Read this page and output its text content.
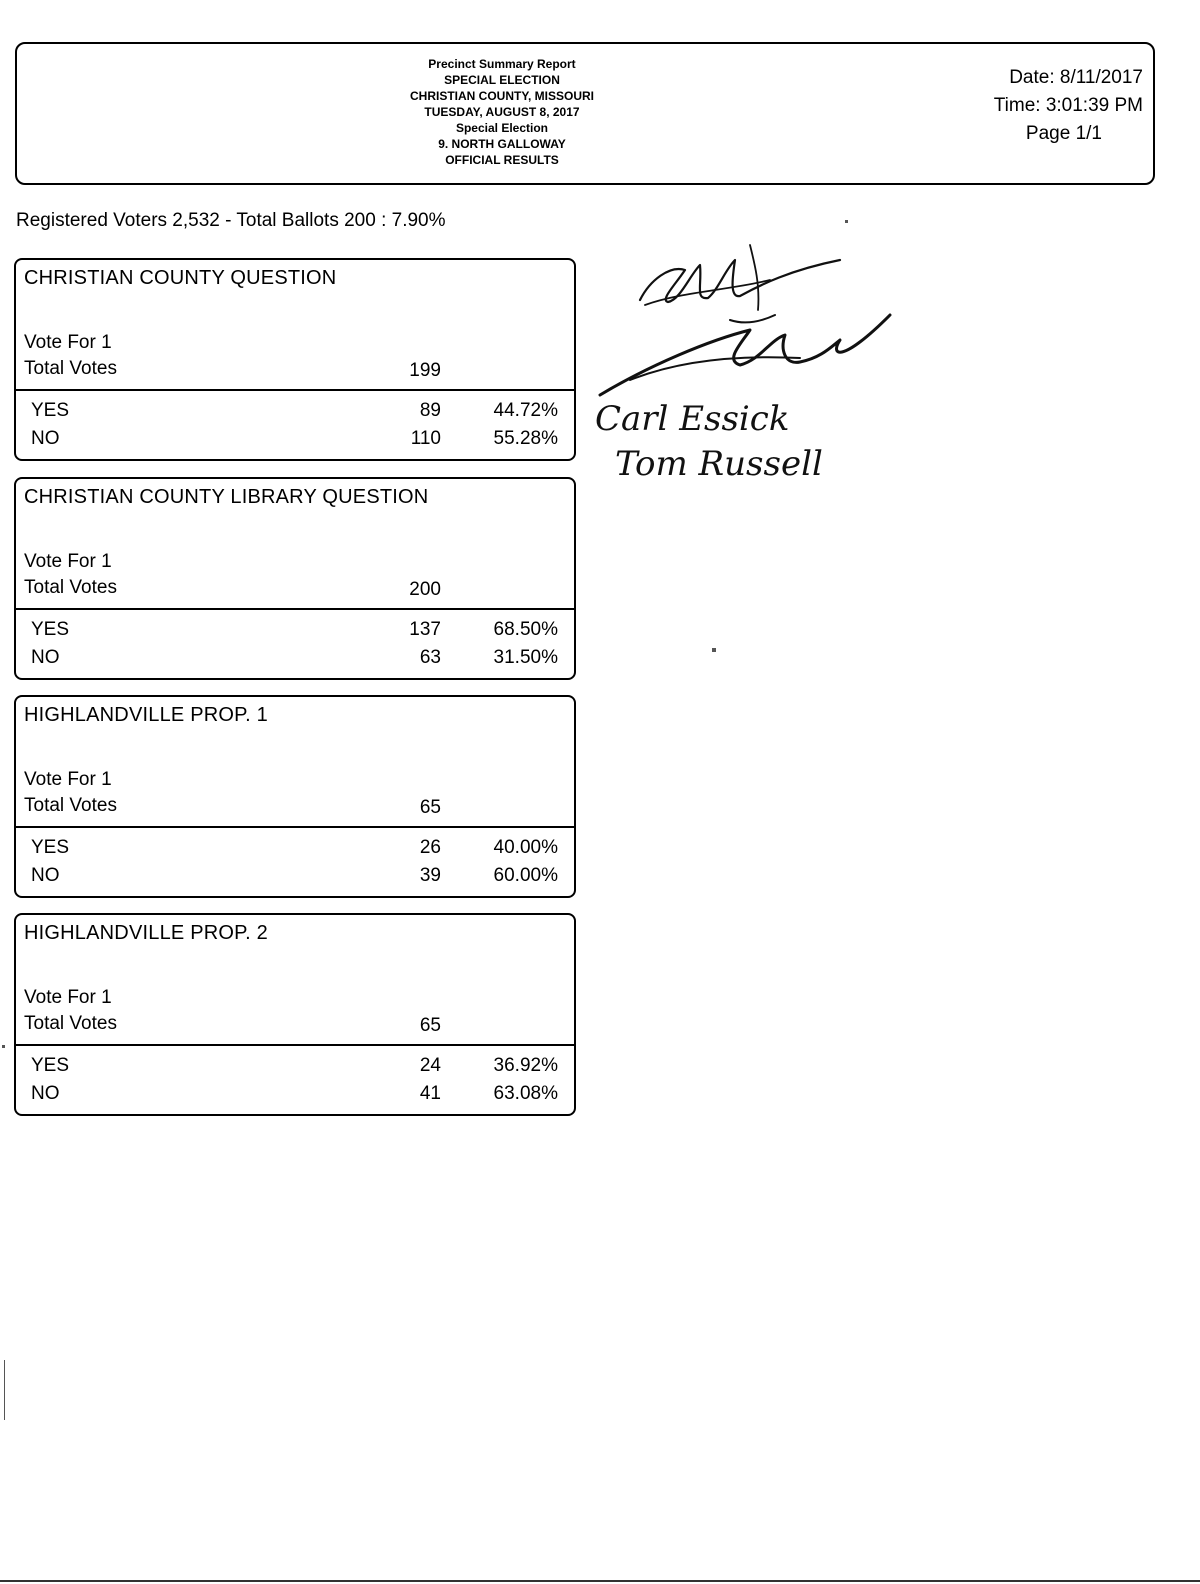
Precinct Summary Report
SPECIAL ELECTION
CHRISTIAN COUNTY, MISSOURI
TUESDAY, AUGUST 8, 2017
Special Election
9. NORTH GALLOWAY
OFFICIAL RESULTS
Date: 8/11/2017
Time: 3:01:39 PM
Page 1/1
Registered Voters 2,532 - Total Ballots 200 : 7.90%
CHRISTIAN COUNTY QUESTION
Vote For 1
Total Votes	199
YES	89	44.72%
NO	110	55.28%
CHRISTIAN COUNTY LIBRARY QUESTION
Vote For 1
Total Votes	200
YES	137	68.50%
NO	63	31.50%
HIGHLANDVILLE PROP. 1
Vote For 1
Total Votes	65
YES	26	40.00%
NO	39	60.00%
HIGHLANDVILLE PROP. 2
Vote For 1
Total Votes	65
YES	24	36.92%
NO	41	63.08%
Carl Essick
Tom Russell
